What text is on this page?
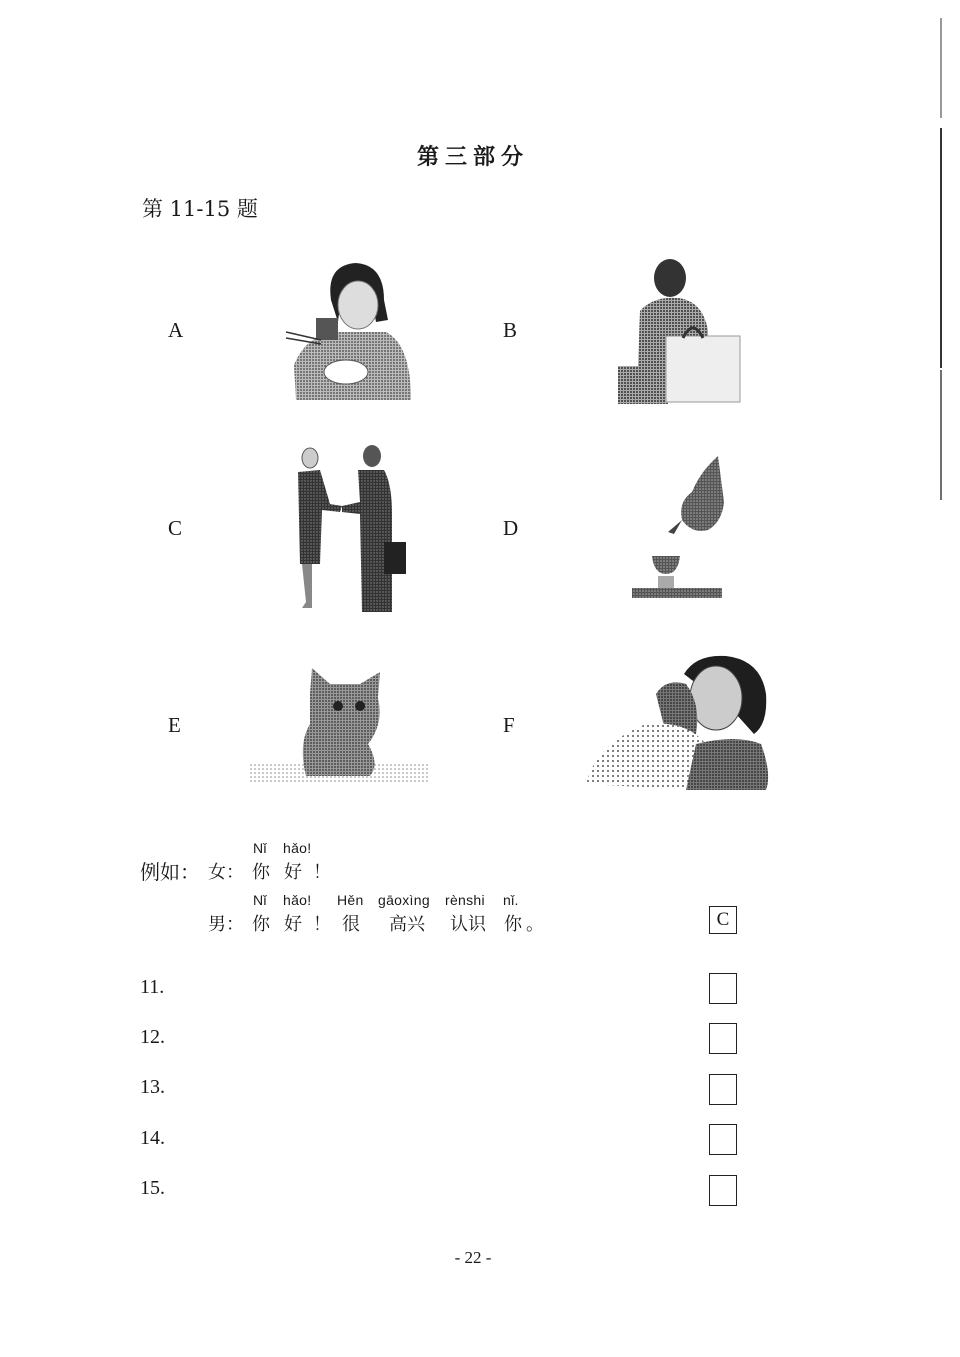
第三部分
第 11-15 题
A	B
C	D
E	F
例如： 女：
Nǐ hǎo!
你 好 ！
男：
Nǐ hǎo! Hěn gāoxìng rènshi nǐ.
你 好 ！ 很 高兴 认识 你 。	C
11.
12.
13.
14.
15.
- 22 -
